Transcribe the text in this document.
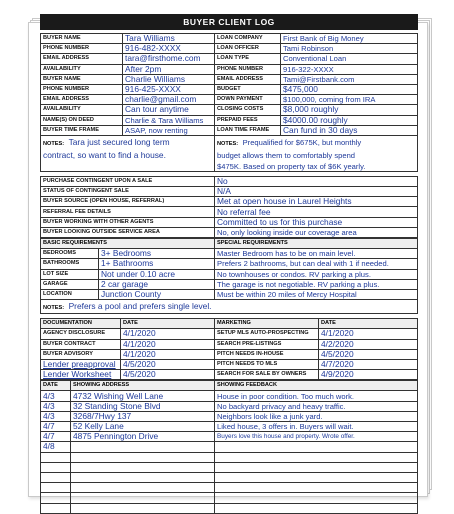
BUYER CLIENT LOG
BUYER NAME	Tara Williams	LOAN COMPANY	First Bank of Big Money
PHONE NUMBER	916-482-XXXX	LOAN OFFICER	Tami Robinson
EMAIL ADDRESS	tara@firsthome.com	LOAN TYPE	Conventional Loan
AVAILABILITY	After 2pm	PHONE NUMBER	916-322-XXXX
BUYER NAME	Charlie Williams	EMAIL ADDRESS	Tami@Firstbank.com
PHONE NUMBER	916-425-XXXX	BUDGET	$475,000
EMAIL ADDRESS	charlie@gmail.com	DOWN PAYMENT	$100,000, coming from IRA
AVAILABILITY	Can tour anytime	CLOSING COSTS	$8,000 roughly
NAME(S) ON DEED	Charlie & Tara Williams	PREPAID FEES	$4000.00 roughly
BUYER TIME FRAME	ASAP, now renting	LOAN TIME FRAME	Can fund in 30 days
NOTES: Tara just secured long term
contract, so want to find a house.		NOTES: Prequalified for $675K, but monthly
budget allows them to comfortably spend
$475K. Based on property tax of $6K yearly.	
PURCHASE CONTINGENT UPON A SALE	No
STATUS OF CONTINGENT SALE	N/A
BUYER SOURCE (OPEN HOUSE, REFERRAL)	Met at open house in Laurel Heights
REFERRAL FEE DETAILS	No referral fee
BUYER WORKING WITH OTHER AGENTS	Committed to us for this purchase
BUYER LOOKING OUTSIDE SERVICE AREA	No, only looking inside our coverage area
BASIC REQUIREMENTS		SPECIAL REQUIREMENTS
BEDROOMS	3+ Bedrooms	Master Bedroom has to be on main level.
BATHROOMS	1+ Bathrooms	Prefers 2 bathrooms, but can deal with 1 if needed.
LOT SIZE	Not under 0.10 acre	No townhouses or condos. RV parking a plus.
GARAGE	2 car garage	The garage is not negotiable. RV parking a plus.
LOCATION	Junction County	Must be within 20 miles of Mercy Hospital
NOTES: Prefers a pool and prefers single level.		
DOCUMENTATION	DATE	MARKETING	DATE
AGENCY DISCLOSURE	4/1/2020	SETUP MLS AUTO-PROSPECTING	4/1/2020
BUYER CONTRACT	4/1/2020	SEARCH PRE-LISTINGS	4/2/2020
BUYER ADVISORY	4/1/2020	PITCH NEEDS IN-HOUSE	4/5/2020
Lender preapproval	4/5/2020	PITCH NEEDS TO MLS	4/7/2020
Lender Worksheet	4/5/2020	SEARCH FOR SALE BY OWNERS	4/9/2020
DATE	SHOWING ADDRESS	SHOWING FEEDBACK
4/3	4732 Wishing Well Lane	House in poor condition. Too much work.
4/3	32 Standing Stone Blvd	No backyard privacy and heavy traffic.
4/3	3268/7Hwy 137	Neighbors look like a junk yard.
4/7	52 Kelly Lane	Liked house, 3 offers in. Buyers will wait.
4/7	4875 Pennington Drive	Buyers love this house and property. Wrote offer.
4/8		
